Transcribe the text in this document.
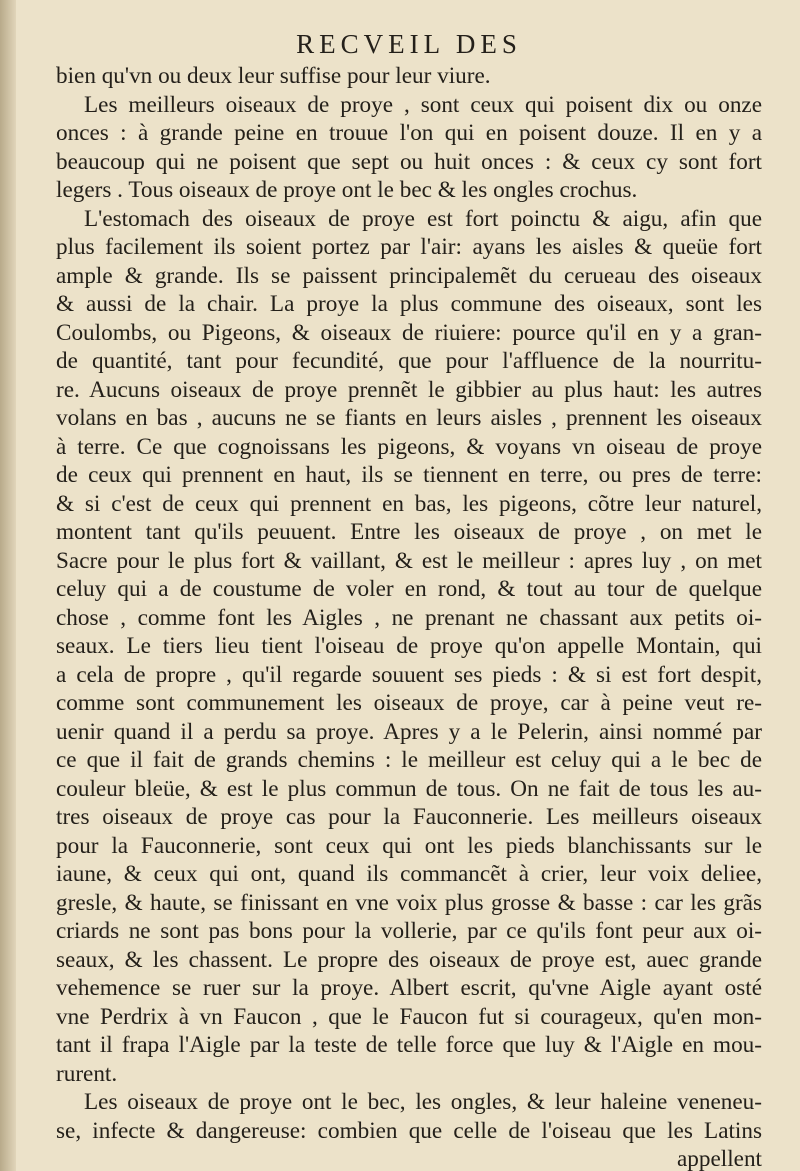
RECVEIL DES
bien qu'vn ou deux leur suffise pour leur viure.
Les meilleurs oiseaux de proye , sont ceux qui poisent dix ou onze
onces : à grande peine en trouue l'on qui en poisent douze. Il en y a
beaucoup qui ne poisent que sept ou huit onces : & ceux cy sont fort
legers . Tous oiseaux de proye ont le bec & les ongles crochus.
L'estomach des oiseaux de proye est fort poinctu & aigu, afin que
plus facilement ils soient portez par l'air: ayans les aisles & queüe fort
ample & grande. Ils se paissent principalemẽt du cerueau des oiseaux
& aussi de la chair. La proye la plus commune des oiseaux, sont les
Coulombs, ou Pigeons, & oiseaux de riuiere: pource qu'il en y a gran-
de quantité, tant pour fecundité, que pour l'affluence de la nourritu-
re. Aucuns oiseaux de proye prennẽt le gibbier au plus haut: les autres
volans en bas , aucuns ne se fiants en leurs aisles , prennent les oiseaux
à terre. Ce que cognoissans les pigeons, & voyans vn oiseau de proye
de ceux qui prennent en haut, ils se tiennent en terre, ou pres de terre:
& si c'est de ceux qui prennent en bas, les pigeons, cõtre leur naturel,
montent tant qu'ils peuuent. Entre les oiseaux de proye , on met le
Sacre pour le plus fort & vaillant, & est le meilleur : apres luy , on met
celuy qui a de coustume de voler en rond, & tout au tour de quelque
chose , comme font les Aigles , ne prenant ne chassant aux petits oi-
seaux. Le tiers lieu tient l'oiseau de proye qu'on appelle Montain, qui
a cela de propre , qu'il regarde souuent ses pieds : & si est fort despit,
comme sont communement les oiseaux de proye, car à peine veut re-
uenir quand il a perdu sa proye. Apres y a le Pelerin, ainsi nommé par
ce que il fait de grands chemins : le meilleur est celuy qui a le bec de
couleur bleüe, & est le plus commun de tous. On ne fait de tous les au-
tres oiseaux de proye cas pour la Fauconnerie. Les meilleurs oiseaux
pour la Fauconnerie, sont ceux qui ont les pieds blanchissants sur le
iaune, & ceux qui ont, quand ils commancẽt à crier, leur voix deliee,
gresle, & haute, se finissant en vne voix plus grosse & basse : car les grãs
criards ne sont pas bons pour la vollerie, par ce qu'ils font peur aux oi-
seaux, & les chassent. Le propre des oiseaux de proye est, auec grande
vehemence se ruer sur la proye. Albert escrit, qu'vne Aigle ayant osté
vne Perdrix à vn Faucon , que le Faucon fut si courageux, qu'en mon-
tant il frapa l'Aigle par la teste de telle force que luy & l'Aigle en mou-
rurent.
Les oiseaux de proye ont le bec, les ongles, & leur haleine veneneu-
se, infecte & dangereuse: combien que celle de l'oiseau que les Latins
appellent
